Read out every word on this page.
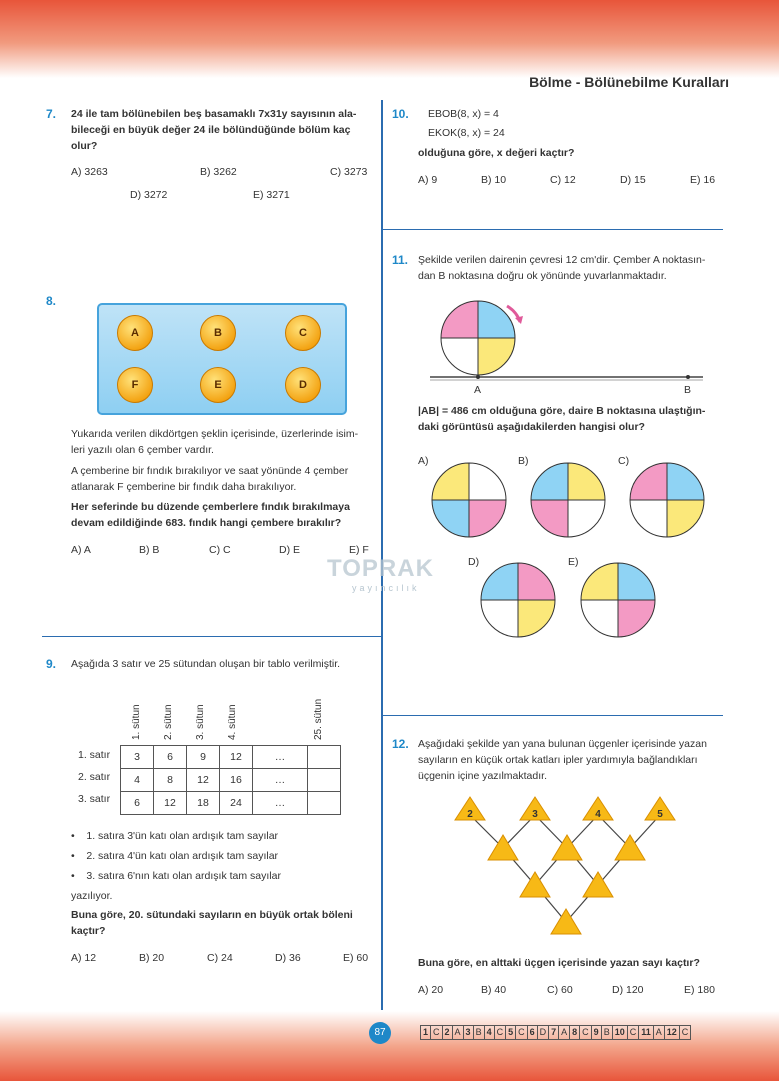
Bölme - Bölünebilme Kuralları
7. 24 ile tam bölünebilen beş basamaklı 7x31y sayısının ala-
bileceği en büyük değer 24 ile bölündüğünde bölüm kaç
olur?
A) 3263	B) 3262	C) 3273
D) 3272	E) 3271
8.
A	B	C
F	E	D
Yukarıda verilen dikdörtgen şeklin içerisinde, üzerlerinde isim-
leri yazılı olan 6 çember vardır.
A çemberine bir fındık bırakılıyor ve saat yönünde 4 çember
atlanarak F çemberine bir fındık daha bırakılıyor.
Her seferinde bu düzende çemberlere fındık bırakılmaya
devam edildiğinde 683. fındık hangi çembere bırakılır?
A) A	B) B	C) C	D) E	E) F
TOPRAK
yayıncılık
9. Aşağıda 3 satır ve 25 sütundan oluşan bir tablo verilmiştir.
1. sütun 2. sütun 3. sütun 4. sütun	25. sütun
1. satır
2. satır
3. satır
3	6	9	12	…	
4	8	12	16	…	
6	12	18	24	…	
•    1. satıra 3'ün katı olan ardışık tam sayılar
•    2. satıra 4'ün katı olan ardışık tam sayılar
•    3. satıra 6'nın katı olan ardışık tam sayılar
yazılıyor.
Buna göre, 20. sütundaki sayıların en büyük ortak böleni
kaçtır?
A) 12	B) 20	C) 24	D) 36	E) 60
10. EBOB(8, x) = 4
EKOK(8, x) = 24
olduğuna göre, x değeri kaçtır?
A) 9	B) 10	C) 12	D) 15	E) 16
11. Şekilde verilen dairenin çevresi 12 cm'dir. Çember A noktasın-
dan B noktasına doğru ok yönünde yuvarlanmaktadır.
A	B
|AB| = 486 cm olduğuna göre, daire B noktasına ulaştığın-
daki görüntüsü aşağıdakilerden hangisi olur?
A)	B)	C)
D)	E)
12. Aşağıdaki şekilde yan yana bulunan üçgenler içerisinde yazan
sayıların en küçük ortak katları ipler yardımıyla bağlandıkları
üçgenin içine yazılmaktadır.
2	3	4	5
Buna göre, en alttaki üçgen içerisinde yazan sayı kaçtır?
A) 20	B) 40	C) 60	D) 120	E) 180
87	1 C 2 A 3 B 4 C 5 C 6 D 7 A 8 C 9 B 10 C 11 A 12 C
